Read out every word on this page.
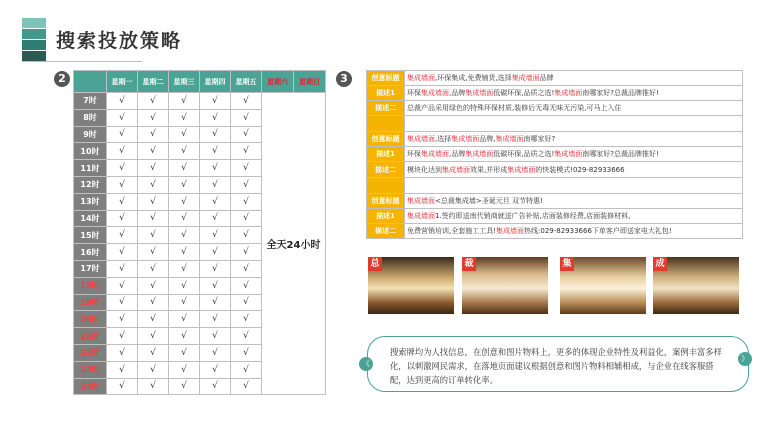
搜索投放策略
2	3
	星期一	星期二	星期三	星期四	星期五	星期六	星期日
7时	√	√	√	√	√	全天24小时	
8时	√	√	√	√	√		
9时	√	√	√	√	√		
10时	√	√	√	√	√		
11时	√	√	√	√	√		
12时	√	√	√	√	√		
13时	√	√	√	√	√		
14时	√	√	√	√	√		
15时	√	√	√	√	√		
16时	√	√	√	√	√		
17时	√	√	√	√	√		
18时	√	√	√	√	√		
19时	√	√	√	√	√		
20时	√	√	√	√	√		
21时	√	√	√	√	√		
22时	√	√	√	√	√		
23时	√	√	√	√	√		
24时	√	√	√	√	√		
创意标题	集成墙面,环保集成,免费铺货,选择集成墙面品牌
描述1	环保集成墙面,品牌集成墙面低碳环保,品质之选!集成墙面南哪家好?总裁品牌推好!
描述二	总裁产品采用绿色的特殊环保材质,装修后无毒无味无污染,可马上入住

创意标题	集成墙面,选择集成墙面品牌,集成墙面南哪家好?
描述1	环保集成墙面,品牌集成墙面低碳环保,品质之选!集成墙面南哪家好?总裁品牌推好!
描述二	模块化达到集成墙面效果,并形成集成墙面的快装模式!029-82933666

创意标题	集成墙面<总裁集成墙>圣诞元旦 双节特惠!
描述1	集成墙面1.签约即送南代销商就送广告补贴,店面装修经费,店面装修材料,
描述二	免费营销培训,全套施工工具!集成墙面热线:029-82933666下单客户即送家电大礼包!
总	裁	集	成

搜索牌均为人找信息，在创意和图片物料上，更多的体现企业特性及利益化，案例丰富多样化，以刺激网民需求，在落地页面建议根据创意和图片物料相辅相成，与企业在线客服搭配，达到更高的订单转化率。

《
》
